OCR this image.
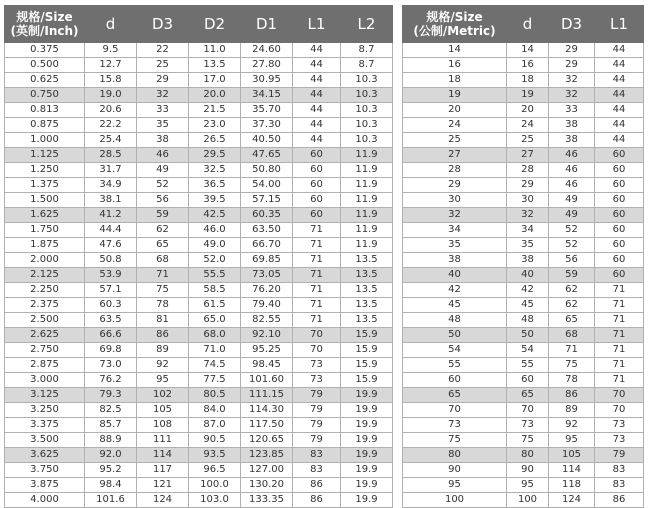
规格/Size
(英制/Inch)	d	D3	D2	D1	L1	L2
0.375	9.5	22	11.0	24.60	44	8.7
0.500	12.7	25	13.5	27.80	44	8.7
0.625	15.8	29	17.0	30.95	44	10.3
0.750	19.0	32	20.0	34.15	44	10.3
0.813	20.6	33	21.5	35.70	44	10.3
0.875	22.2	35	23.0	37.30	44	10.3
1.000	25.4	38	26.5	40.50	44	10.3
1.125	28.5	46	29.5	47.65	60	11.9
1.250	31.7	49	32.5	50.80	60	11.9
1.375	34.9	52	36.5	54.00	60	11.9
1.500	38.1	56	39.5	57.15	60	11.9
1.625	41.2	59	42.5	60.35	60	11.9
1.750	44.4	62	46.0	63.50	71	11.9
1.875	47.6	65	49.0	66.70	71	11.9
2.000	50.8	68	52.0	69.85	71	13.5
2.125	53.9	71	55.5	73.05	71	13.5
2.250	57.1	75	58.5	76.20	71	13.5
2.375	60.3	78	61.5	79.40	71	13.5
2.500	63.5	81	65.0	82.55	71	13.5
2.625	66.6	86	68.0	92.10	70	15.9
2.750	69.8	89	71.0	95.25	70	15.9
2.875	73.0	92	74.5	98.45	73	15.9
3.000	76.2	95	77.5	101.60	73	15.9
3.125	79.3	102	80.5	111.15	79	19.9
3.250	82.5	105	84.0	114.30	79	19.9
3.375	85.7	108	87.0	117.50	79	19.9
3.500	88.9	111	90.5	120.65	79	19.9
3.625	92.0	114	93.5	123.85	83	19.9
3.750	95.2	117	96.5	127.00	83	19.9
3.875	98.4	121	100.0	130.20	86	19.9
4.000	101.6	124	103.0	133.35	86	19.9
规格/Size
(公制/Metric)	d	D3	L1
14	14	29	44
16	16	29	44
18	18	32	44
19	19	32	44
20	20	33	44
24	24	38	44
25	25	38	44
27	27	46	60
28	28	46	60
29	29	46	60
30	30	49	60
32	32	49	60
34	34	52	60
35	35	52	60
38	38	56	60
40	40	59	60
42	42	62	71
45	45	62	71
48	48	65	71
50	50	68	71
54	54	71	71
55	55	75	71
60	60	78	71
65	65	86	70
70	70	89	70
73	73	92	73
75	75	95	73
80	80	105	79
90	90	114	83
95	95	118	83
100	100	124	86
